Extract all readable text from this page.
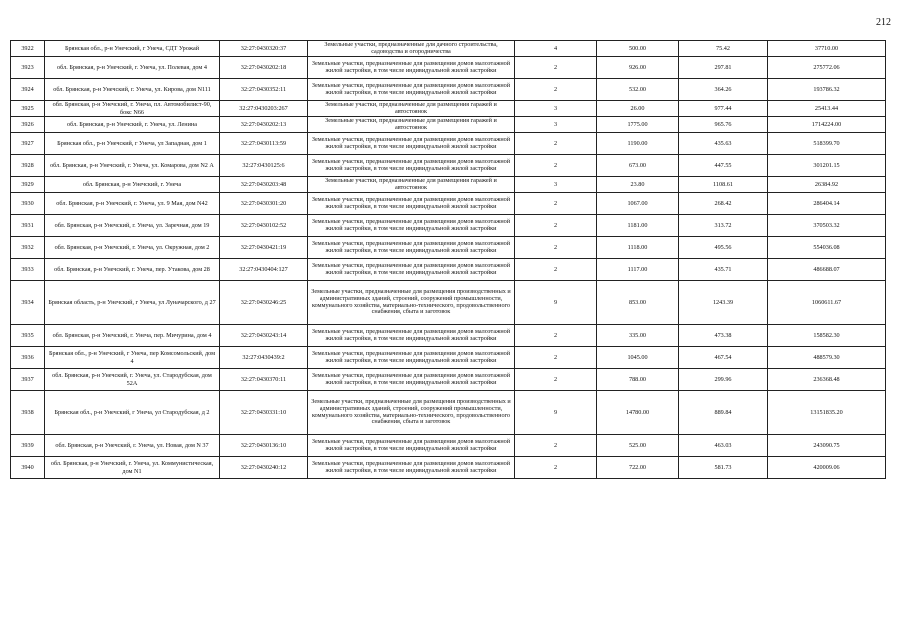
212
3922	Брянская обл., р-н Унечский, г Унеча, СДТ Урожай	32:27:0430320:37	Земельные участки, предназначенные для дачного строительства, садоводства и огородничества	4	500.00	75.42	37710.00
3923	обл. Брянская, р-н Унечский, г. Унеча, ул. Полевая, дом 4	32:27:0430202:18	Земельные участки, предназначенные для размещения домов малоэтажной жилой застройки, в том числе индивидуальной жилой застройки	2	926.00	297.81	275772.06
3924	обл. Брянская, р-н Унечский, г. Унеча, ул. Кирова, дом N111	32:27:0430352:11	Земельные участки, предназначенные для размещения домов малоэтажной жилой застройки, в том числе индивидуальной жилой застройки	2	532.00	364.26	193786.32
3925	обл. Брянская, р-н Унечский, г. Унеча, пл. Автомобилист-90, бокс N66	32:27:0430203:267	Земельные участки, предназначенные для размещения гаражей и автостоянок	3	26.00	977.44	25413.44
3926	обл. Брянская, р-н Унечский, г. Унеча, ул. Ленина	32:27:0430202:13	Земельные участки, предназначенные для размещения гаражей и автостоянок	3	1775.00	965.76	1714224.00
3927	Брянская обл., р-н Унечский, г Унеча, ул Западная, дом 1	32:27:0430113:59	Земельные участки, предназначенные для размещения домов малоэтажной жилой застройки, в том числе индивидуальной жилой застройки	2	1190.00	435.63	518399.70
3928	обл. Брянская, р-н Унечский, г. Унеча, ул. Комарова, дом N2 А	32:27:0430125:6	Земельные участки, предназначенные для размещения домов малоэтажной жилой застройки, в том числе индивидуальной жилой застройки	2	673.00	447.55	301201.15
3929	обл. Брянская, р-н Унечский, г. Унеча	32:27:0430203:48	Земельные участки, предназначенные для размещения гаражей и автостоянок	3	23.80	1108.61	26384.92
3930	обл. Брянская, р-н Унечский, г. Унеча, ул. 9 Мая, дом N42	32:27:0430301:20	Земельные участки, предназначенные для размещения домов малоэтажной жилой застройки, в том числе индивидуальной жилой застройки	2	1067.00	268.42	286404.14
3931	обл. Брянская, р-н Унечский, г. Унеча, ул. Заречная, дом 19	32:27:0430102:52	Земельные участки, предназначенные для размещения домов малоэтажной жилой застройки, в том числе индивидуальной жилой застройки	2	1181.00	313.72	370503.32
3932	обл. Брянская, р-н Унечский, г. Унеча, ул. Окружная, дом 2	32:27:0430421:19	Земельные участки, предназначенные для размещения домов малоэтажной жилой застройки, в том числе индивидуальной жилой застройки	2	1118.00	495.56	554036.08
3933	обл. Брянская, р-н Унечский, г. Унеча, пер. Утакова, дом 28	32:27:0430404:127	Земельные участки, предназначенные для размещения домов малоэтажной жилой застройки, в том числе индивидуальной жилой застройки	2	1117.00	435.71	486688.07
3934	Брянская область, р-н Унечский, г Унеча, ул Луначарского, д 27	32:27:0430246:25	Земельные участки, предназначенные для размещения производственных и административных зданий, строений, сооружений промышленности, коммунального хозяйства, материально-технического, продовольственного снабжения, сбыта и заготовок	9	853.00	1243.39	1060611.67
3935	обл. Брянская, р-н Унечский, г. Унеча, пер. Мичурина, дом 4	32:27:0430243:14	Земельные участки, предназначенные для размещения домов малоэтажной жилой застройки, в том числе индивидуальной жилой застройки	2	335.00	473.38	158582.30
3936	Брянская обл., р-н Унечский, г Унеча, пер Комсомольский, дом 4	32:27:0430439:2	Земельные участки, предназначенные для размещения домов малоэтажной жилой застройки, в том числе индивидуальной жилой застройки	2	1045.00	467.54	488579.30
3937	обл. Брянская, р-н Унечский, г. Унеча, ул. Стародубская, дом 52А	32:27:0430370:11	Земельные участки, предназначенные для размещения домов малоэтажной жилой застройки, в том числе индивидуальной жилой застройки	2	788.00	299.96	236368.48
3938	Брянская обл., р-н Унечский, г Унеча, ул Стародубская, д 2	32:27:0430331:10	Земельные участки, предназначенные для размещения производственных и административных зданий, строений, сооружений промышленности, коммунального хозяйства, материально-технического, продовольственного снабжения, сбыта и заготовок	9	14780.00	889.84	13151835.20
3939	обл. Брянская, р-н Унечский, г. Унеча, ул. Новая, дом N 37	32:27:0430136:10	Земельные участки, предназначенные для размещения домов малоэтажной жилой застройки, в том числе индивидуальной жилой застройки	2	525.00	463.03	243090.75
3940	обл. Брянская, р-н Унечский, г. Унеча, ул. Коммунистическая, дом N1	32:27:0430240:12	Земельные участки, предназначенные для размещения домов малоэтажной жилой застройки, в том числе индивидуальной жилой застройки	2	722.00	581.73	420009.06
